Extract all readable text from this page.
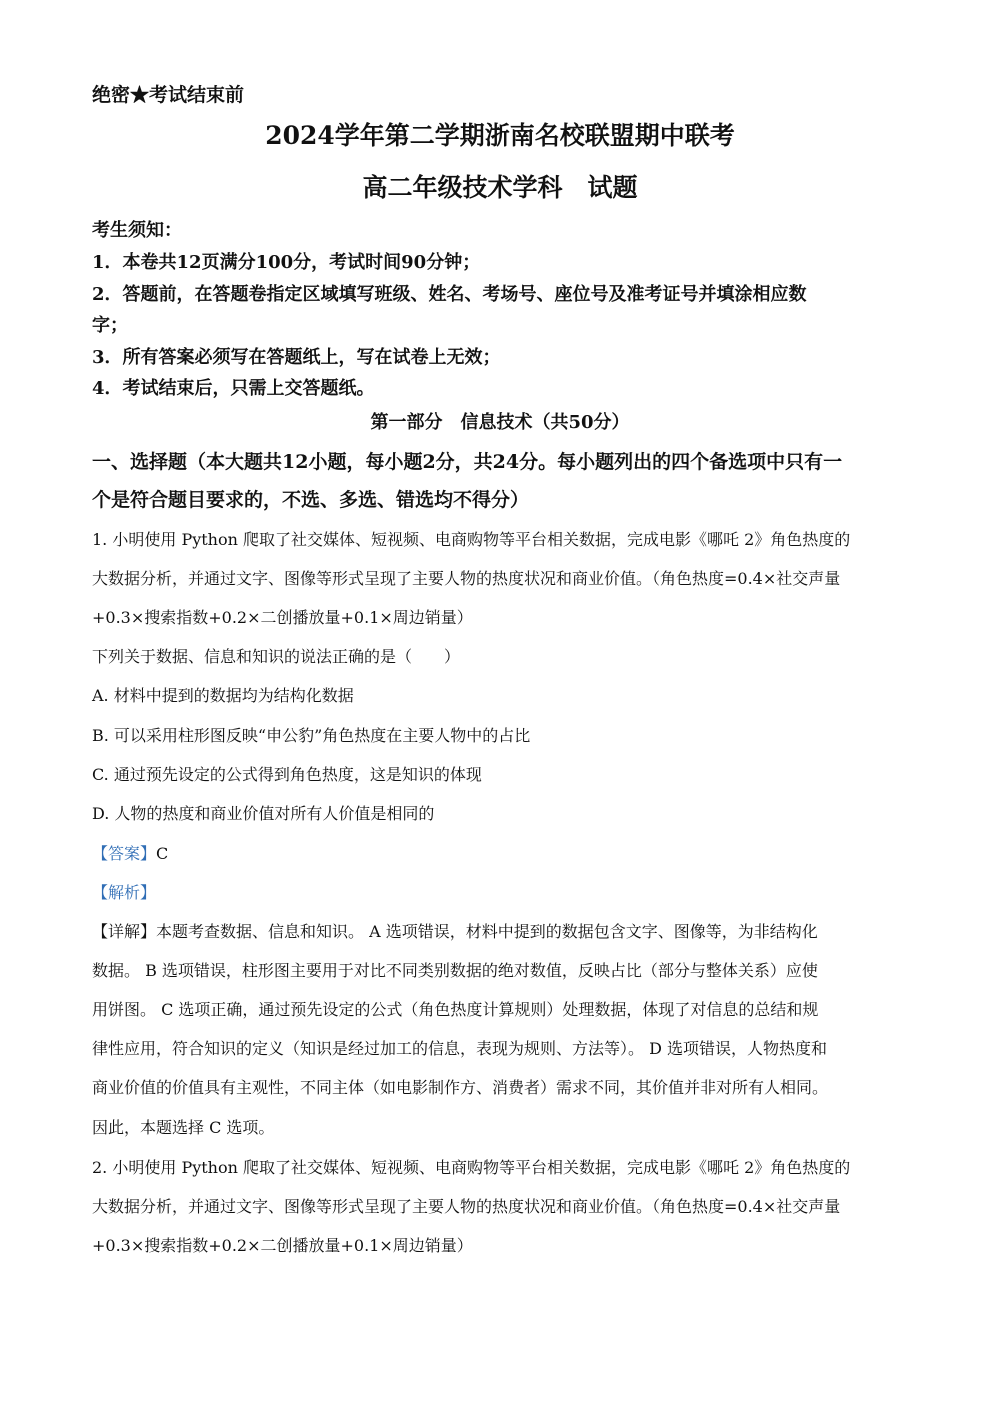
绝密★考试结束前
2024学年第二学期浙南名校联盟期中联考
高二年级技术学科　试题
考生须知：
1．本卷共12页满分100分，考试时间90分钟；
2．答题前，在答题卷指定区域填写班级、姓名、考场号、座位号及准考证号并填涂相应数
字；
3．所有答案必须写在答题纸上，写在试卷上无效；
4．考试结束后，只需上交答题纸。
第一部分　信息技术（共50分）
一、选择题（本大题共12小题，每小题2分，共24分。每小题列出的四个备选项中只有一
个是符合题目要求的，不选、多选、错选均不得分）
1. 小明使用 Python 爬取了社交媒体、短视频、电商购物等平台相关数据，完成电影《哪吒 2》角色热度的
大数据分析，并通过文字、图像等形式呈现了主要人物的热度状况和商业价值。（角色热度=0.4×社交声量
+0.3×搜索指数+0.2×二创播放量+0.1×周边销量）
下列关于数据、信息和知识的说法正确的是（　　）
A. 材料中提到的数据均为结构化数据
B. 可以采用柱形图反映“申公豹”角色热度在主要人物中的占比
C. 通过预先设定的公式得到角色热度，这是知识的体现
D. 人物的热度和商业价值对所有人价值是相同的
【答案】C
【解析】
【详解】本题考查数据、信息和知识。 A 选项错误，材料中提到的数据包含文字、图像等，为非结构化
数据。 B 选项错误，柱形图主要用于对比不同类别数据的绝对数值，反映占比（部分与整体关系）应使
用饼图。 C 选项正确，通过预先设定的公式（角色热度计算规则）处理数据，体现了对信息的总结和规
律性应用，符合知识的定义（知识是经过加工的信息，表现为规则、方法等）。 D 选项错误，人物热度和
商业价值的价值具有主观性，不同主体（如电影制作方、消费者）需求不同，其价值并非对所有人相同。
因此，本题选择 C 选项。
2. 小明使用 Python 爬取了社交媒体、短视频、电商购物等平台相关数据，完成电影《哪吒 2》角色热度的
大数据分析，并通过文字、图像等形式呈现了主要人物的热度状况和商业价值。（角色热度=0.4×社交声量
+0.3×搜索指数+0.2×二创播放量+0.1×周边销量）
